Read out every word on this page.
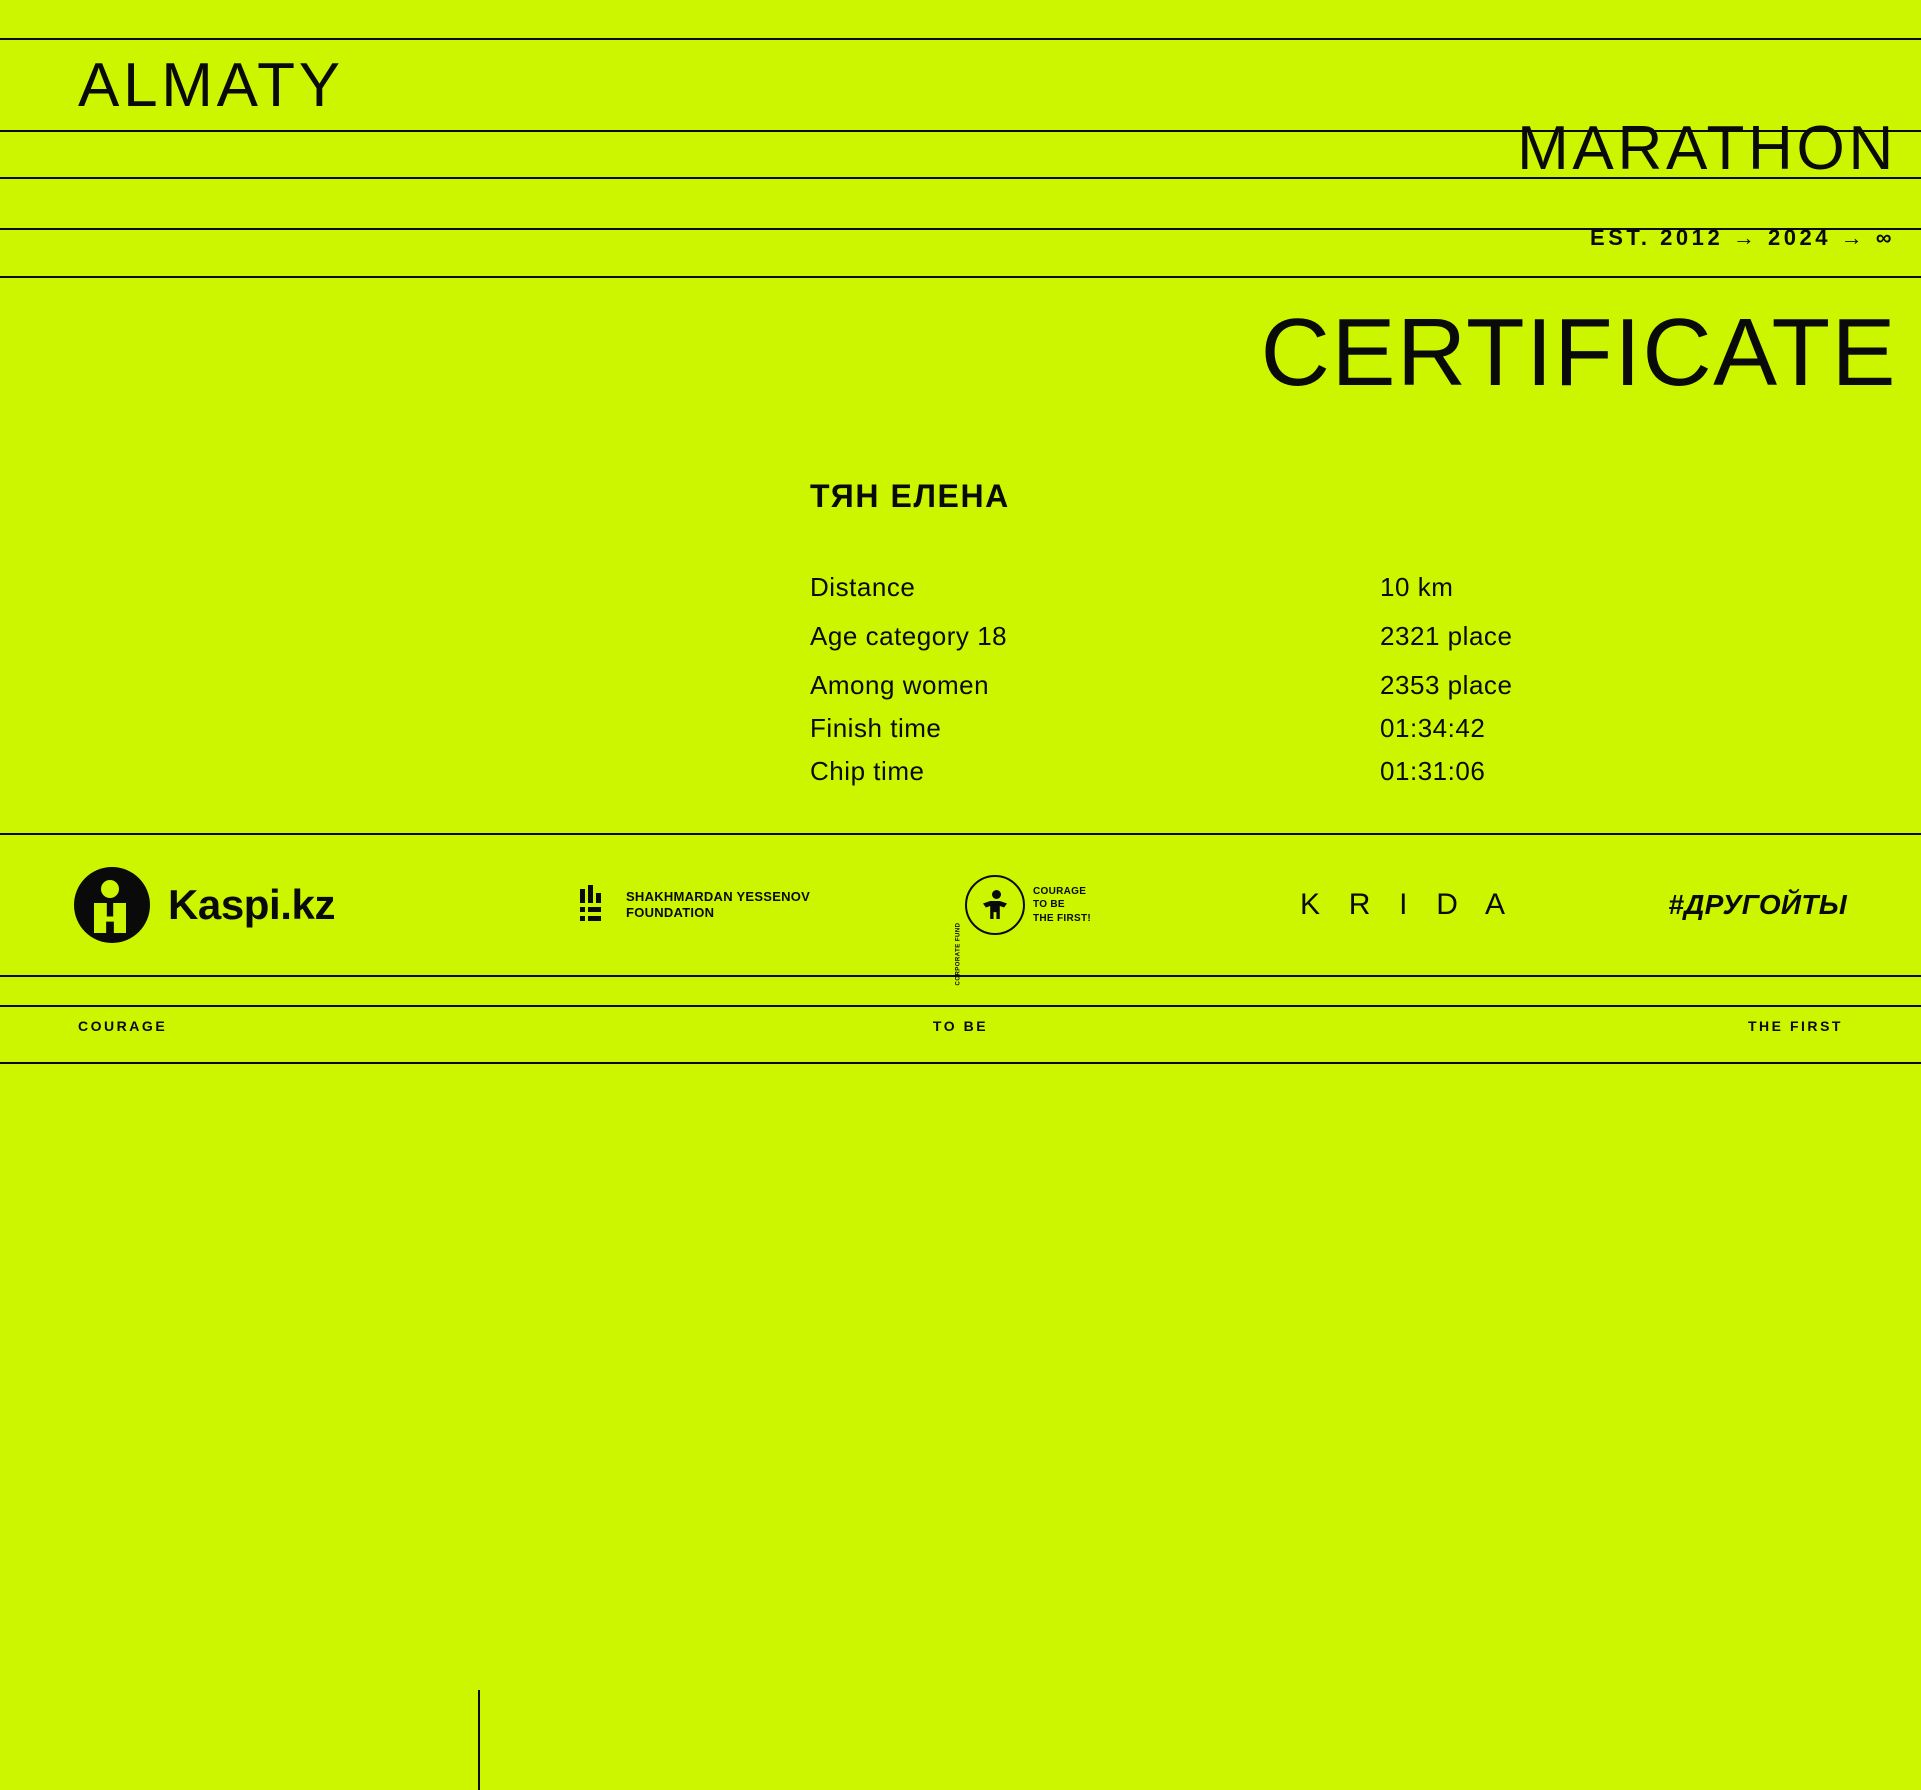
ALMATY
MARATHON
EST. 2012 → 2024 → ∞
CERTIFICATE
ТЯН ЕЛЕНА
Distance	10 km
Age category 18	2321 place
Among women	2353 place
Finish time	01:34:42
Chip time	01:31:06
Kaspi.kz	SHAKHMARDAN YESSENOV
FOUNDATION
CORPORATE FUND
COURAGE
TO BE
THE FIRST!	K R I D A	#ДРУГОЙТЫ
COURAGE	TO BE	THE FIRST
